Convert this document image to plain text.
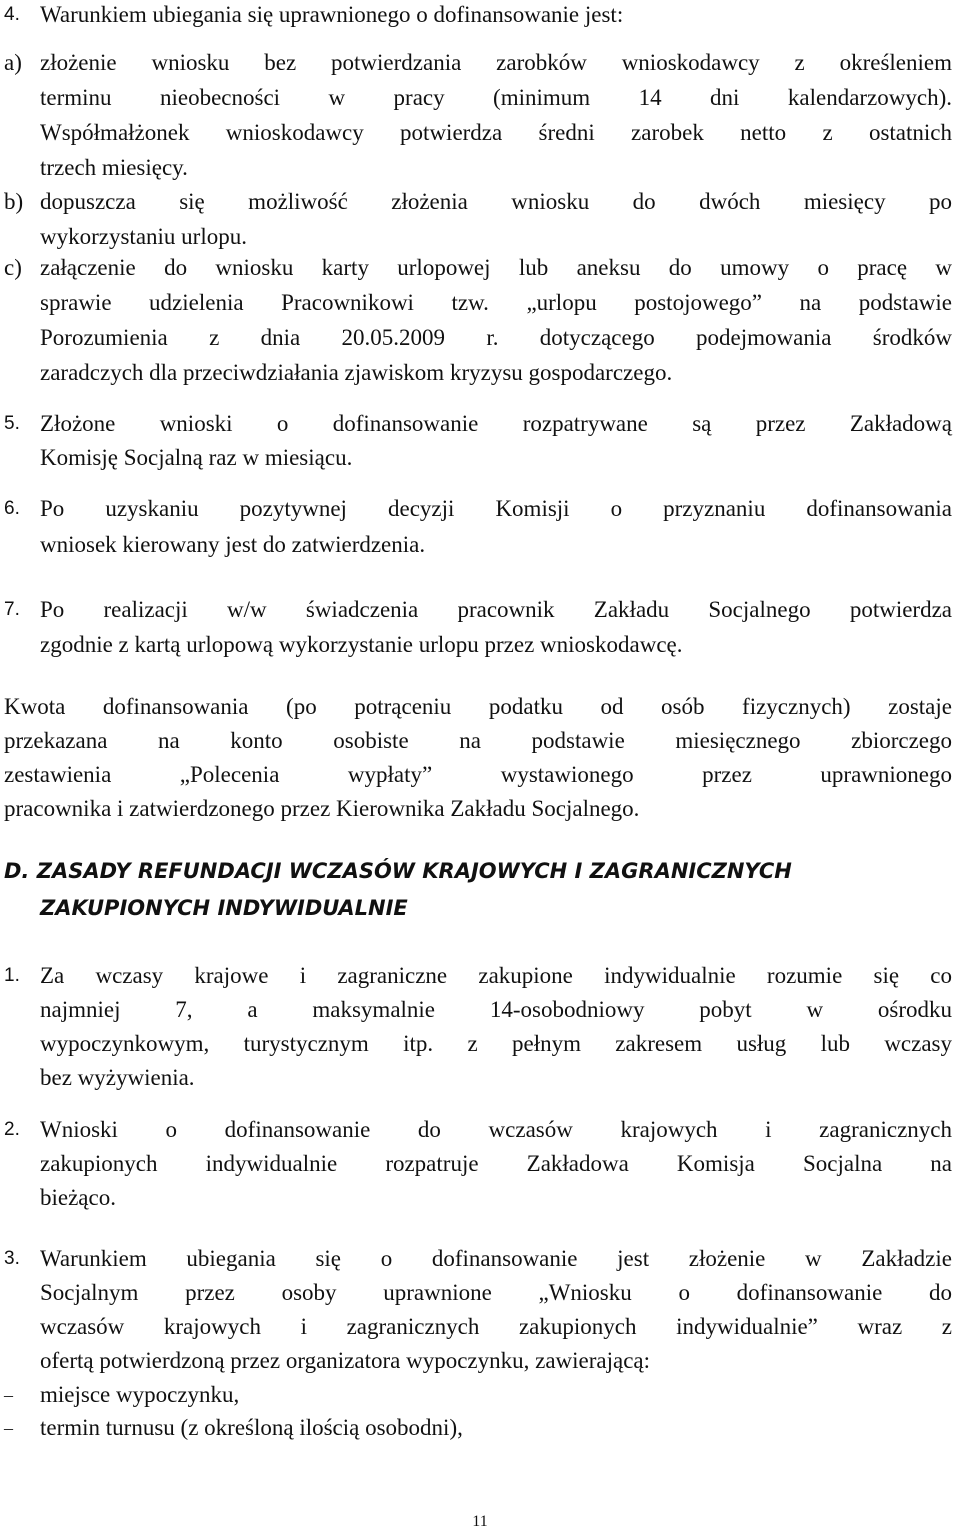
4. Warunkiem ubiegania się uprawnionego o dofinansowanie jest:
a) złożenie wniosku bez potwierdzania zarobków wnioskodawcy z określeniem
terminu nieobecności w pracy (minimum 14 dni kalendarzowych).
Współmałżonek wnioskodawcy potwierdza średni zarobek netto z ostatnich
trzech miesięcy.
b) dopuszcza się możliwość złożenia wniosku do dwóch miesięcy po
wykorzystaniu urlopu.
c) załączenie do wniosku karty urlopowej lub aneksu do umowy o pracę w
sprawie udzielenia Pracownikowi tzw. „urlopu postojowego” na podstawie
Porozumienia z dnia 20.05.2009 r. dotyczącego podejmowania środków
zaradczych dla przeciwdziałania zjawiskom kryzysu gospodarczego.
5. Złożone wnioski o dofinansowanie rozpatrywane są przez Zakładową
Komisję Socjalną raz w miesiącu.
6. Po uzyskaniu pozytywnej decyzji Komisji o przyznaniu dofinansowania
wniosek kierowany jest do zatwierdzenia.
7. Po realizacji w/w świadczenia pracownik Zakładu Socjalnego potwierdza
zgodnie z kartą urlopową wykorzystanie urlopu przez wnioskodawcę.
Kwota dofinansowania (po potrąceniu podatku od osób fizycznych) zostaje
przekazana na konto osobiste na podstawie miesięcznego zbiorczego
zestawienia „Polecenia wypłaty” wystawionego przez uprawnionego
pracownika i zatwierdzonego przez Kierownika Zakładu Socjalnego.
D. ZASADY REFUNDACJI WCZASÓW KRAJOWYCH I ZAGRANICZNYCH
ZAKUPIONYCH INDYWIDUALNIE
1. Za wczasy krajowe i zagraniczne zakupione indywidualnie rozumie się co
najmniej 7, a maksymalnie 14-osobodniowy pobyt w ośrodku
wypoczynkowym, turystycznym itp. z pełnym zakresem usług lub wczasy
bez wyżywienia.
2. Wnioski o dofinansowanie do wczasów krajowych i zagranicznych
zakupionych indywidualnie rozpatruje Zakładowa Komisja Socjalna na
bieżąco.
3. Warunkiem ubiegania się o dofinansowanie jest złożenie w Zakładzie
Socjalnym przez osoby uprawnione „Wniosku o dofinansowanie do
wczasów krajowych i zagranicznych zakupionych indywidualnie” wraz z
ofertą potwierdzoną przez organizatora wypoczynku, zawierającą:
– miejsce wypoczynku,
– termin turnusu (z określoną ilością osobodni),
11
